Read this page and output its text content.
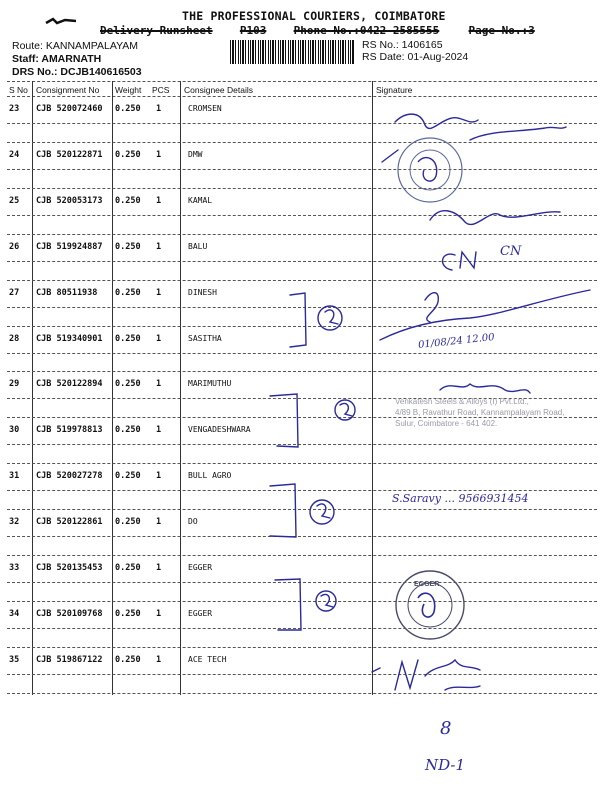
THE PROFESSIONAL COURIERS, COIMBATORE
Delivery Runsheet P103 Phone No.:0422 2585555	Page No.:3
Route: KANNAMPALAYAM
Staff: AMARNATH
DRS No.: DCJB140616503
RS No.: 1406165
RS Date: 01-Aug-2024
S No Consignment No Weight PCS Consignee Details	Signature
23 CJB 520072460 0.250 1	CROMSEN
24 CJB 520122871 0.250 1	DMW
25 CJB 520053173 0.250 1	KAMAL
26 CJB 519924887 0.250 1	BALU
27 CJB 80511938 0.250 1	DINESH
28 CJB 519340901 0.250 1	SASITHA
29 CJB 520122894 0.250 1	MARIMUTHU
30 CJB 519978813 0.250 1	VENGADESHWARA
31 CJB 520027278 0.250 1	BULL AGRO
32 CJB 520122861 0.250 1	DO
33 CJB 520135453 0.250 1	EGGER
34 CJB 520109768 0.250 1	EGGER
35 CJB 519867122 0.250 1	ACE TECH
Venkatesh Steels & Alloys (I) Pvt.Ltd.,
4/89 B, Ravathur Road, Kannampalayam Road,
Sulur, Coimbatore - 641 402.
EGGER
S.Saravy ... 9566931454
01/08/24 12.00
CN
8
ND-1
